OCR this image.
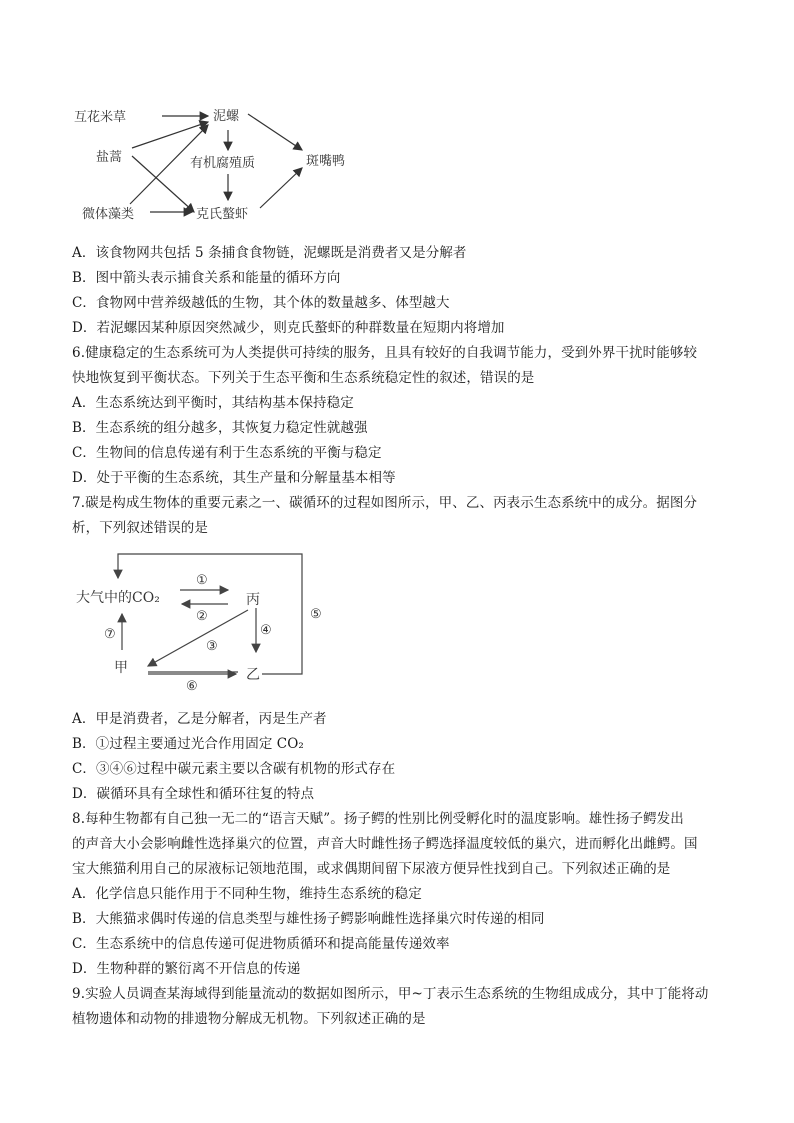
互花米草
盐蒿
微体藻类
泥螺
有机腐殖质
克氏螯虾
斑嘴鸭
A．该食物网共包括 5 条捕食食物链，泥螺既是消费者又是分解者
B．图中箭头表示捕食关系和能量的循环方向
C．食物网中营养级越低的生物，其个体的数量越多、体型越大
D．若泥螺因某种原因突然减少，则克氏螯虾的种群数量在短期内将增加
6.健康稳定的生态系统可为人类提供可持续的服务，且具有较好的自我调节能力，受到外界干扰时能够较
快地恢复到平衡状态。下列关于生态平衡和生态系统稳定性的叙述，错误的是
A．生态系统达到平衡时，其结构基本保持稳定
B．生态系统的组分越多，其恢复力稳定性就越强
C．生物间的信息传递有利于生态系统的平衡与稳定
D．处于平衡的生态系统，其生产量和分解量基本相等
7.碳是构成生物体的重要元素之一、碳循环的过程如图所示，甲、乙、丙表示生态系统中的成分。据图分
析，下列叙述错误的是
大气中的CO₂	丙
甲	乙
①
②
③
④
⑤
⑥
⑦
A．甲是消费者，乙是分解者，丙是生产者
B．①过程主要通过光合作用固定 CO₂
C．③④⑥过程中碳元素主要以含碳有机物的形式存在
D．碳循环具有全球性和循环往复的特点
8.每种生物都有自己独一无二的“语言天赋”。扬子鳄的性别比例受孵化时的温度影响。雄性扬子鳄发出
的声音大小会影响雌性选择巢穴的位置，声音大时雌性扬子鳄选择温度较低的巢穴，进而孵化出雌鳄。国
宝大熊猫利用自己的尿液标记领地范围，或求偶期间留下尿液方便异性找到自己。下列叙述正确的是
A．化学信息只能作用于不同种生物，维持生态系统的稳定
B．大熊猫求偶时传递的信息类型与雄性扬子鳄影响雌性选择巢穴时传递的相同
C．生态系统中的信息传递可促进物质循环和提高能量传递效率
D．生物种群的繁衍离不开信息的传递
9.实验人员调查某海域得到能量流动的数据如图所示，甲~丁表示生态系统的生物组成成分，其中丁能将动
植物遗体和动物的排遗物分解成无机物。下列叙述正确的是
